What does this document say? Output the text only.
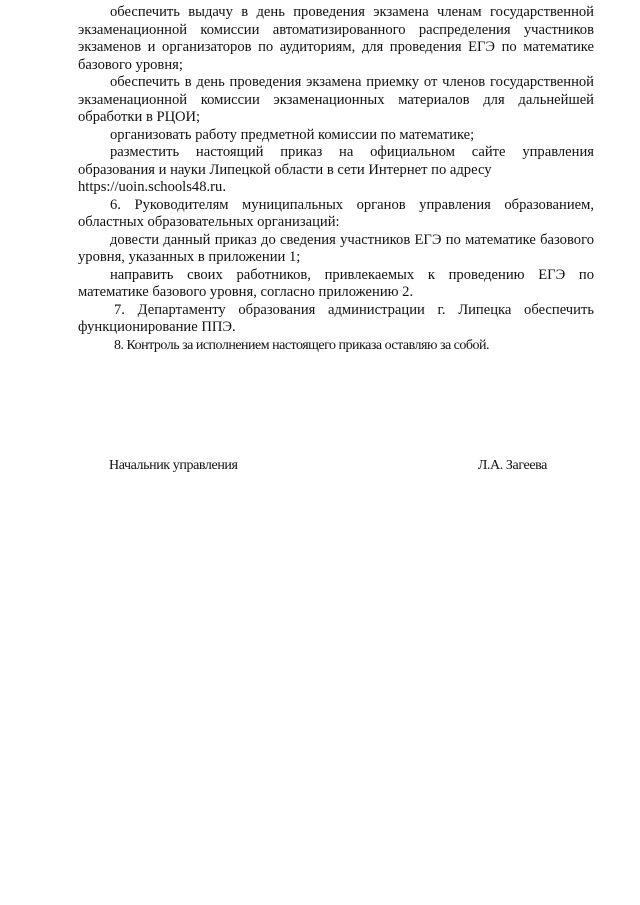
обеспечить выдачу в день проведения экзамена членам государственной экзаменационной комиссии автоматизированного распределения участников экзаменов и организаторов по аудиториям, для проведения ЕГЭ по математике базового уровня;

обеспечить в день проведения экзамена приемку от членов государственной экзаменационной комиссии экзаменационных материалов для дальнейшей обработки в РЦОИ;

организовать работу предметной комиссии по математике;

разместить настоящий приказ на официальном сайте управления образования и науки Липецкой области в сети Интернет по адресу

https://uoin.schools48.ru.

6. Руководителям муниципальных органов управления образованием, областных образовательных организаций:

довести данный приказ до сведения участников ЕГЭ по математике базового уровня, указанных в приложении 1;

направить своих работников, привлекаемых к проведению ЕГЭ по математике базового уровня, согласно приложению 2.

7. Департаменту образования администрации г. Липецка обеспечить функционирование ППЭ.

8. Контроль за исполнением настоящего приказа оставляю за собой.

Начальник управления	Л.А. Загеева
